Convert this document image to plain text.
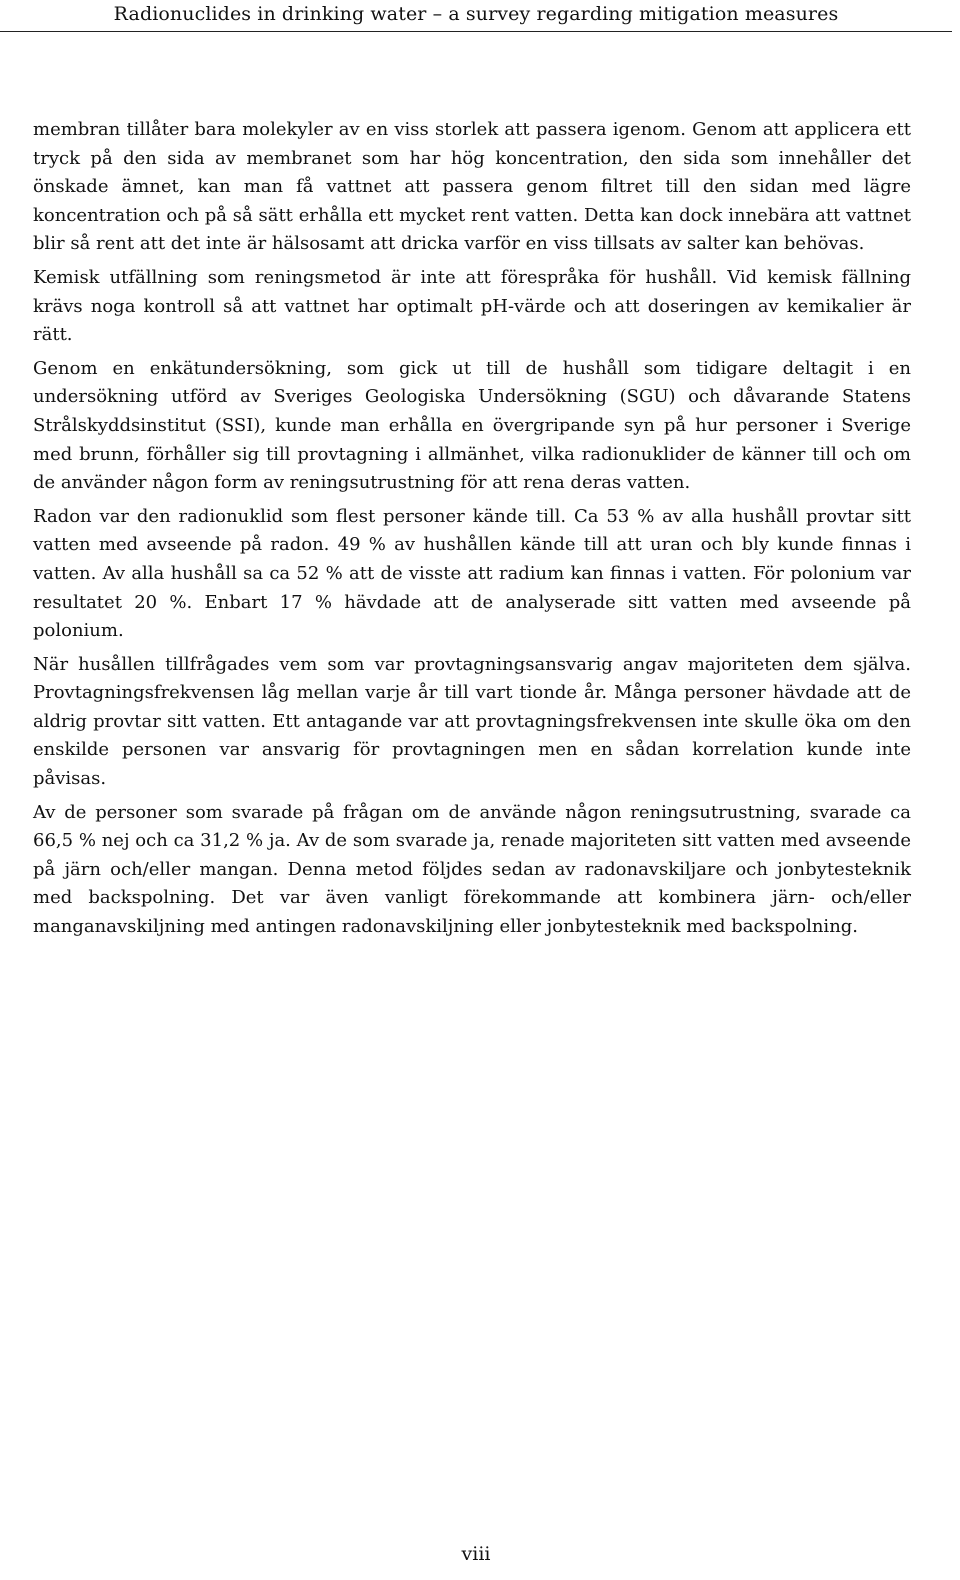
Radionuclides in drinking water – a survey regarding mitigation measures

membran tillåter bara molekyler av en viss storlek att passera igenom. Genom att applicera ett tryck på den sida av membranet som har hög koncentration, den sida som innehåller det önskade ämnet, kan man få vattnet att passera genom filtret till den sidan med lägre koncentration och på så sätt erhålla ett mycket rent vatten. Detta kan dock innebära att vattnet blir så rent att det inte är hälsosamt att dricka varför en viss tillsats av salter kan behövas.

Kemisk utfällning som reningsmetod är inte att förespråka för hushåll. Vid kemisk fällning krävs noga kontroll så att vattnet har optimalt pH-värde och att doseringen av kemikalier är rätt.

Genom en enkätundersökning, som gick ut till de hushåll som tidigare deltagit i en undersökning utförd av Sveriges Geologiska Undersökning (SGU) och dåvarande Statens Strålskyddsinstitut (SSI), kunde man erhålla en övergripande syn på hur personer i Sverige med brunn, förhåller sig till provtagning i allmänhet, vilka radionuklider de känner till och om de använder någon form av reningsutrustning för att rena deras vatten.

Radon var den radionuklid som flest personer kände till. Ca 53 % av alla hushåll provtar sitt vatten med avseende på radon. 49 % av hushållen kände till att uran och bly kunde finnas i vatten. Av alla hushåll sa ca 52 % att de visste att radium kan finnas i vatten. För polonium var resultatet 20 %. Enbart 17 % hävdade att de analyserade sitt vatten med avseende på polonium.

När husållen tillfrågades vem som var provtagningsansvarig angav majoriteten dem själva. Provtagningsfrekvensen låg mellan varje år till vart tionde år. Många personer hävdade att de aldrig provtar sitt vatten. Ett antagande var att provtagningsfrekvensen inte skulle öka om den enskilde personen var ansvarig för provtagningen men en sådan korrelation kunde inte påvisas.

Av de personer som svarade på frågan om de använde någon reningsutrustning, svarade ca 66,5 % nej och ca 31,2 % ja. Av de som svarade ja, renade majoriteten sitt vatten med avseende på järn och/eller mangan. Denna metod följdes sedan av radonavskiljare och jonbytesteknik med backspolning. Det var även vanligt förekommande att kombinera järn- och/eller manganavskiljning med antingen radonavskiljning eller jonbytesteknik med backspolning.

viii
